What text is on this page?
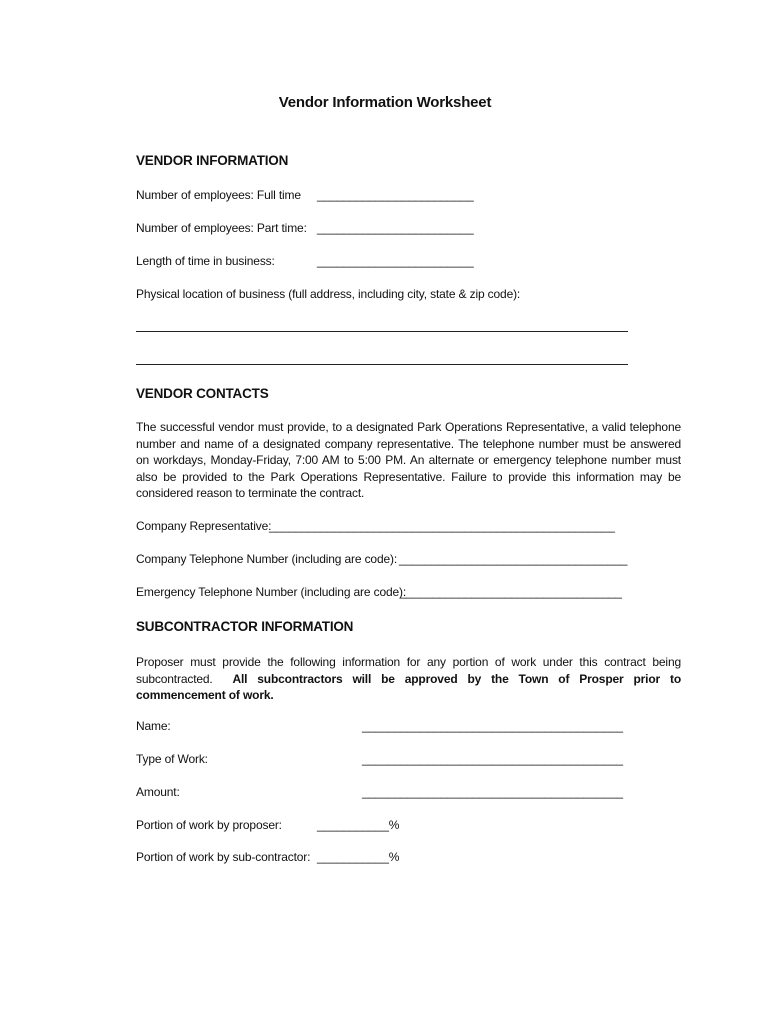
Vendor Information Worksheet
VENDOR INFORMATION
Number of employees: Full time ________________________
Number of employees: Part time: ________________________
Length of time in business:	________________________
Physical location of business (full address, including city, state & zip code):
VENDOR CONTACTS
The successful vendor must provide, to a designated Park Operations Representative, a valid telephone number and name of a designated company representative. The telephone number must be answered on workdays, Monday-Friday, 7:00 AM to 5:00 PM. An alternate or emergency telephone number must also be provided to the Park Operations Representative. Failure to provide this information may be considered reason to terminate the contract.
Company Representative:
_____________________________________________________
Company Telephone Number (including are code): ___________________________________
Emergency Telephone Number (including are code):
__________________________________
SUBCONTRACTOR INFORMATION
Proposer must provide the following information for any portion of work under this contract being subcontracted. All subcontractors will be approved by the Town of Prosper prior to commencement of work.
Name:	________________________________________
Type of Work:	________________________________________
Amount:	________________________________________
Portion of work by proposer:	___________%
Portion of work by sub-contractor: ___________%
